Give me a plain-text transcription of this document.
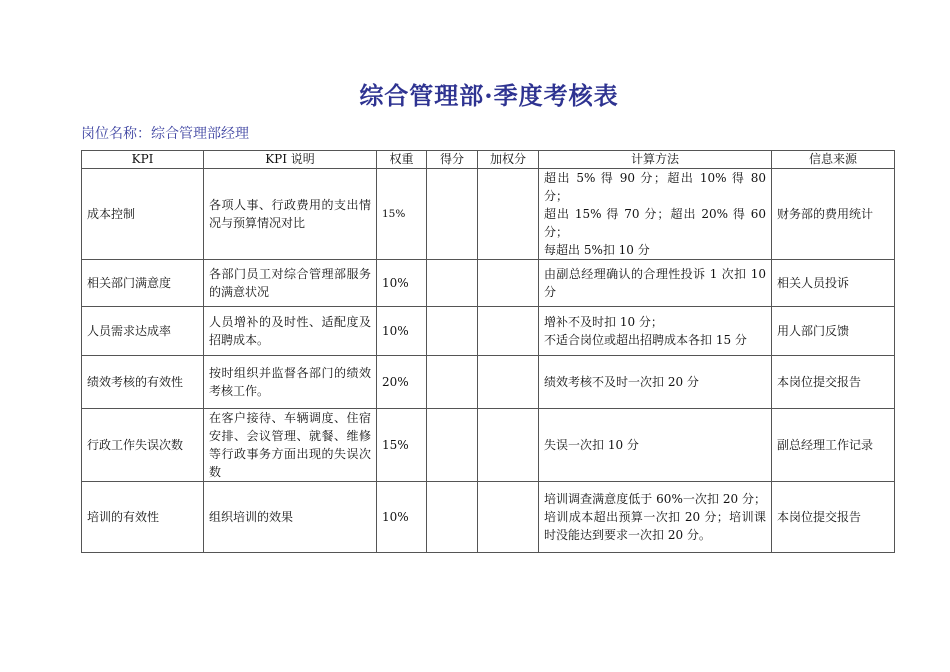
综合管理部·季度考核表
岗位名称：综合管理部经理
KPI	KPI 说明	权重	得分	加权分	计算方法	信息来源
成本控制	各项人事、行政费用的支出情况与预算情况对比	15%			超出 5% 得 90 分；超出 10% 得 80 分；
超出 15% 得 70 分；超出 20% 得 60 分；
每超出 5%扣 10 分	财务部的费用统计
相关部门满意度	各部门员工对综合管理部服务的满意状况	10%			由副总经理确认的合理性投诉 1 次扣 10 分	相关人员投诉
人员需求达成率	人员增补的及时性、适配度及招聘成本。	10%			增补不及时扣 10 分；
不适合岗位或超出招聘成本各扣 15 分	用人部门反馈
绩效考核的有效性	按时组织并监督各部门的绩效考核工作。	20%			绩效考核不及时一次扣 20 分	本岗位提交报告
行政工作失误次数	在客户接待、车辆调度、住宿安排、会议管理、就餐、维修等行政事务方面出现的失误次数	15%			失误一次扣 10 分	副总经理工作记录
培训的有效性	组织培训的效果	10%			培训调查满意度低于 60%一次扣 20 分；培训成本超出预算一次扣 20 分；培训课时没能达到要求一次扣 20 分。	本岗位提交报告
